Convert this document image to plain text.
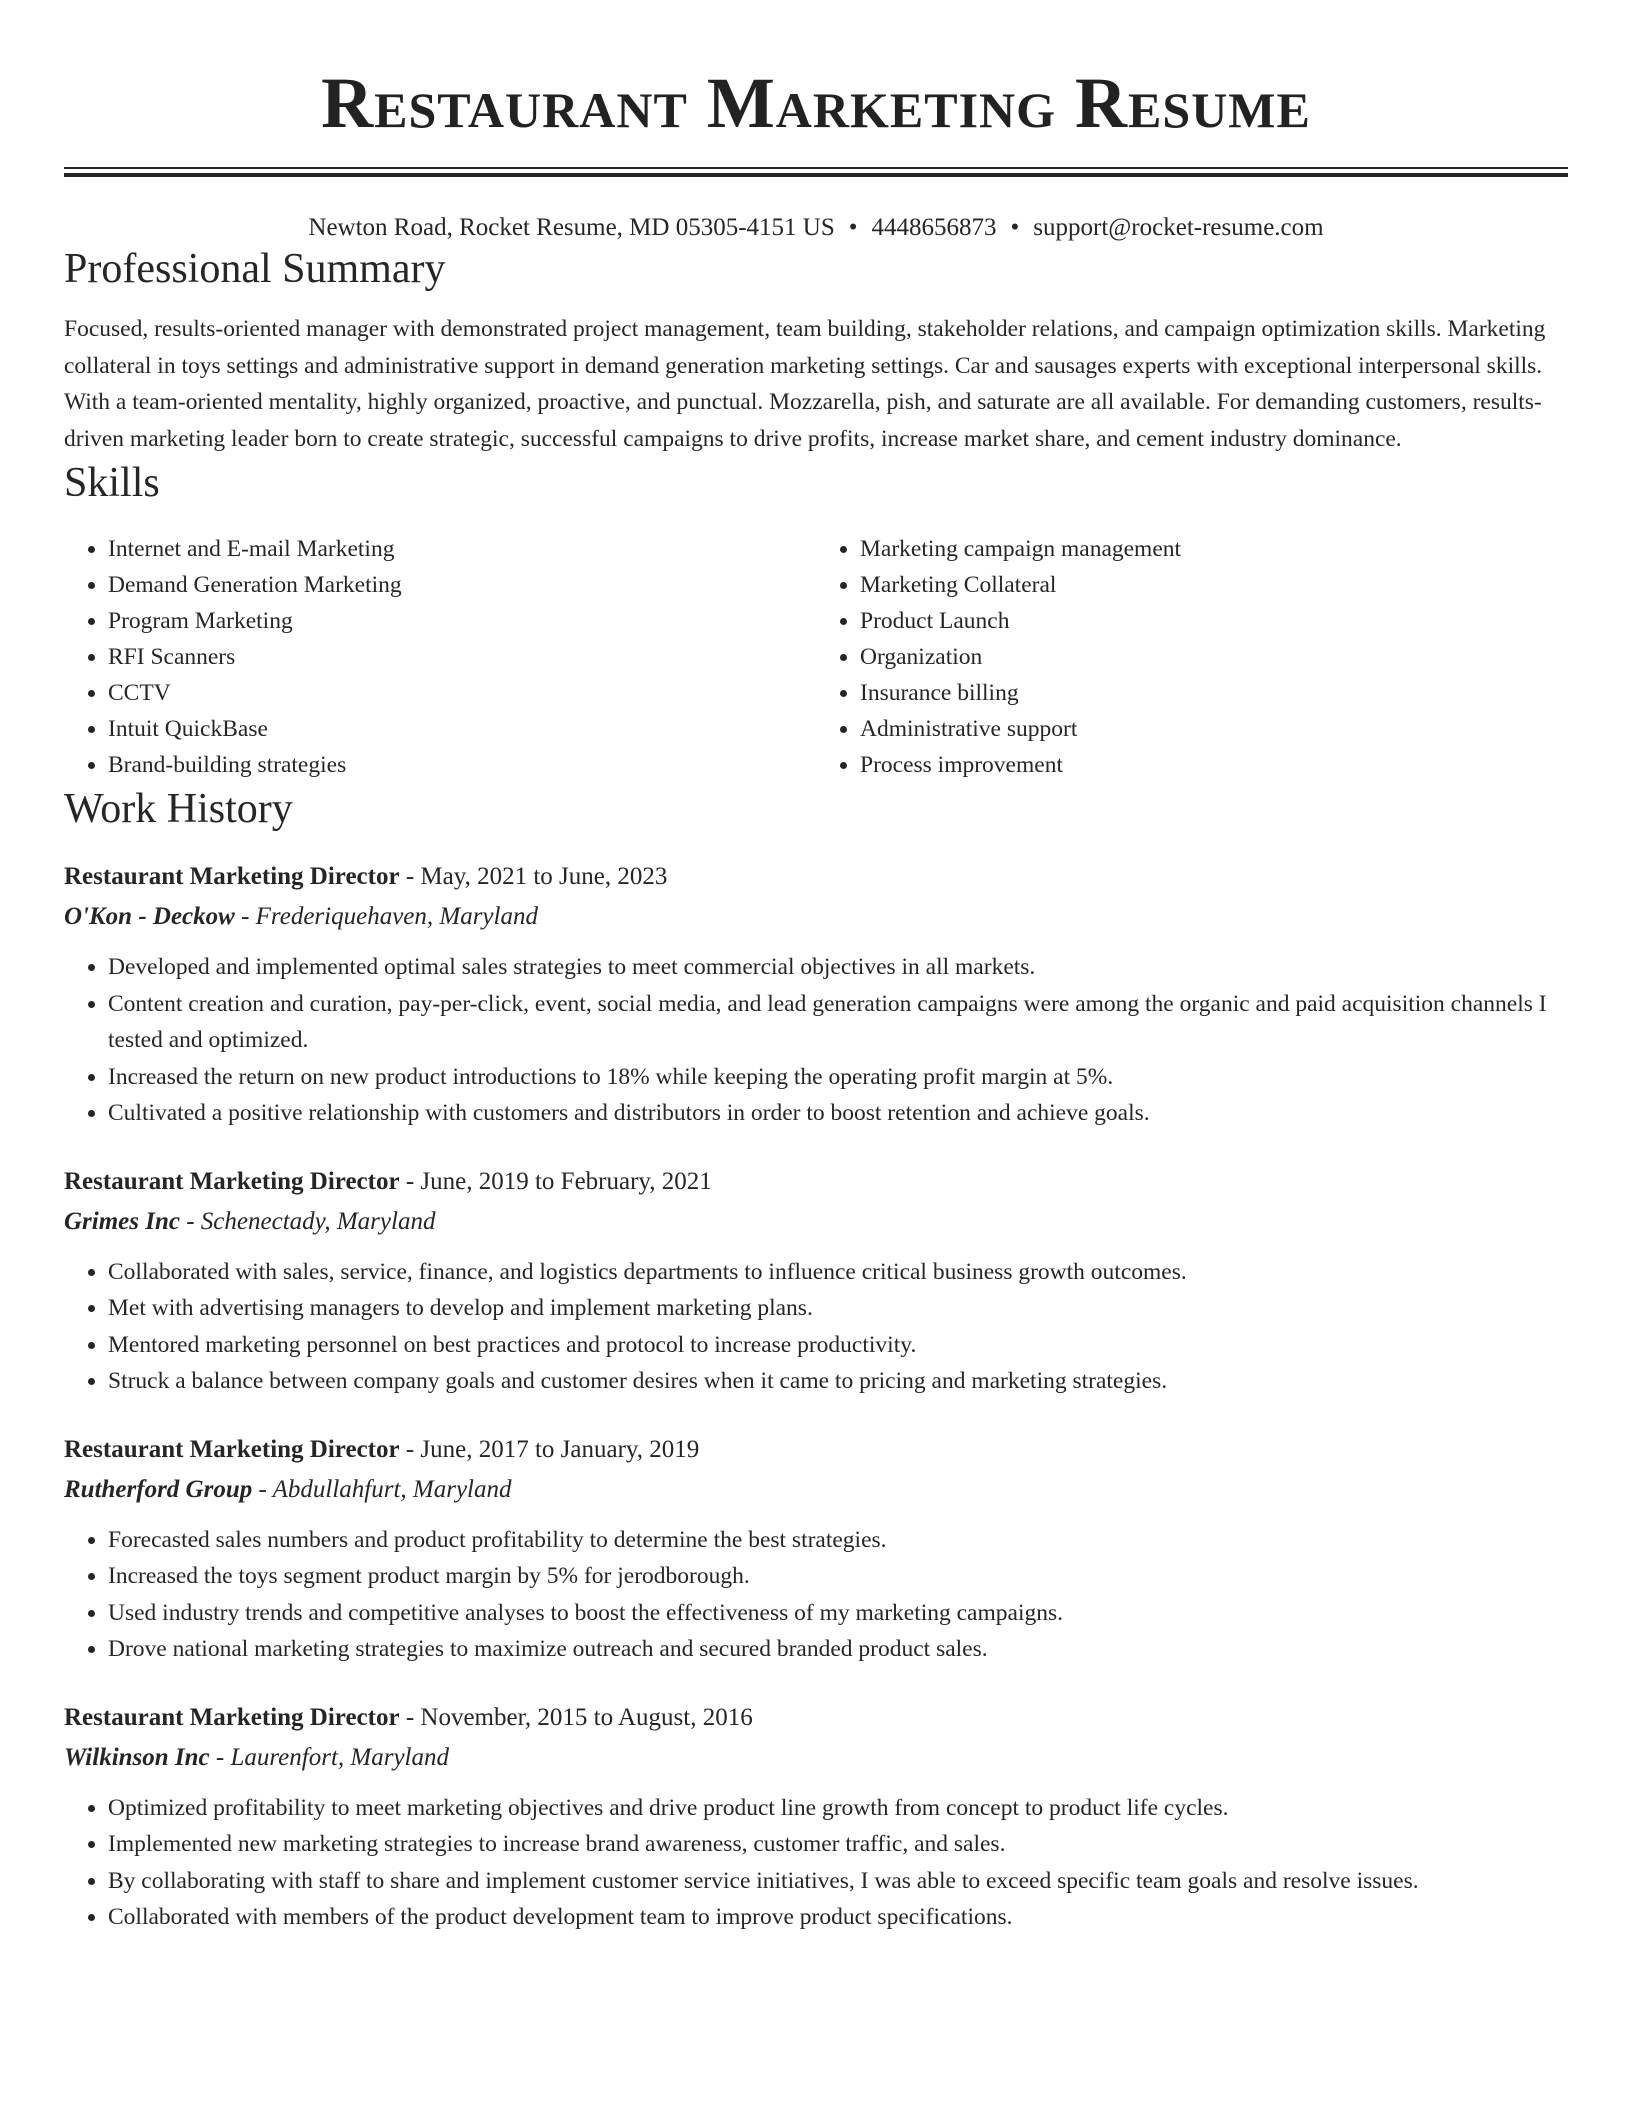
Restaurant Marketing Resume
Newton Road, Rocket Resume, MD 05305-4151 US • 4448656873 • support@rocket-resume.com
Professional Summary

Focused, results-oriented manager with demonstrated project management, team building, stakeholder relations, and campaign optimization skills. Marketing collateral in toys settings and administrative support in demand generation marketing settings. Car and sausages experts with exceptional interpersonal skills. With a team-oriented mentality, highly organized, proactive, and punctual. Mozzarella, pish, and saturate are all available. For demanding customers, results-driven marketing leader born to create strategic, successful campaigns to drive profits, increase market share, and cement industry dominance.

Skills
• Internet and E-mail Marketing
• Demand Generation Marketing
• Program Marketing
• RFI Scanners
• CCTV
• Intuit QuickBase
• Brand-building strategies
• Marketing campaign management
• Marketing Collateral
• Product Launch
• Organization
• Insurance billing
• Administrative support
• Process improvement
Work History
Restaurant Marketing Director - May, 2021 to June, 2023
O'Kon - Deckow - Frederiquehaven, Maryland
• Developed and implemented optimal sales strategies to meet commercial objectives in all markets.
• Content creation and curation, pay-per-click, event, social media, and lead generation campaigns were among the organic and paid acquisition channels I tested and optimized.
• Increased the return on new product introductions to 18% while keeping the operating profit margin at 5%.
• Cultivated a positive relationship with customers and distributors in order to boost retention and achieve goals.
Restaurant Marketing Director - June, 2019 to February, 2021
Grimes Inc - Schenectady, Maryland
• Collaborated with sales, service, finance, and logistics departments to influence critical business growth outcomes.
• Met with advertising managers to develop and implement marketing plans.
• Mentored marketing personnel on best practices and protocol to increase productivity.
• Struck a balance between company goals and customer desires when it came to pricing and marketing strategies.
Restaurant Marketing Director - June, 2017 to January, 2019
Rutherford Group - Abdullahfurt, Maryland
• Forecasted sales numbers and product profitability to determine the best strategies.
• Increased the toys segment product margin by 5% for jerodborough.
• Used industry trends and competitive analyses to boost the effectiveness of my marketing campaigns.
• Drove national marketing strategies to maximize outreach and secured branded product sales.
Restaurant Marketing Director - November, 2015 to August, 2016
Wilkinson Inc - Laurenfort, Maryland
• Optimized profitability to meet marketing objectives and drive product line growth from concept to product life cycles.
• Implemented new marketing strategies to increase brand awareness, customer traffic, and sales.
• By collaborating with staff to share and implement customer service initiatives, I was able to exceed specific team goals and resolve issues.
• Collaborated with members of the product development team to improve product specifications.
